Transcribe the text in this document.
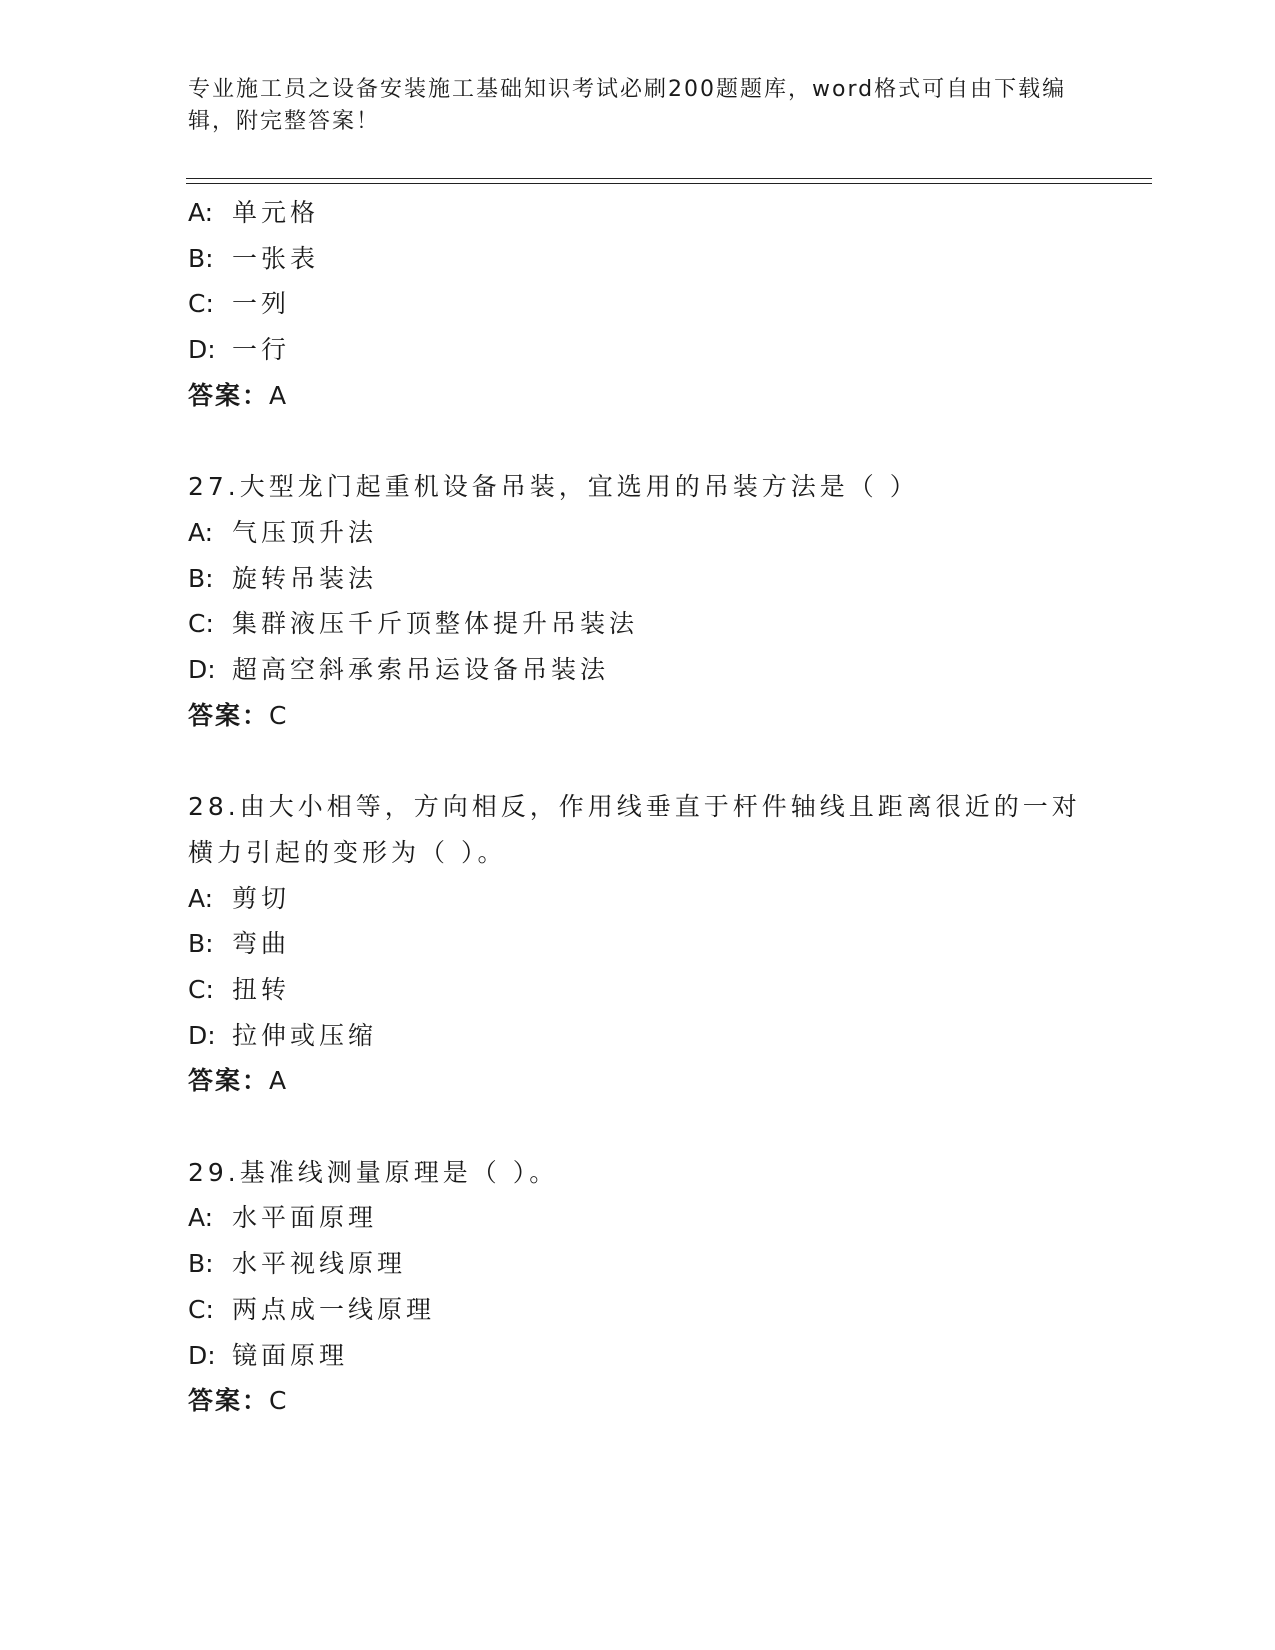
专业施工员之设备安装施工基础知识考试必刷200题题库，word格式可自由下载编辑，附完整答案！
A: 单元格
B: 一张表
C: 一列
D: 一行
答案：A
27.大型龙门起重机设备吊装，宜选用的吊装方法是（ ）
A: 气压顶升法
B: 旋转吊装法
C: 集群液压千斤顶整体提升吊装法
D: 超高空斜承索吊运设备吊装法
答案：C
28.由大小相等，方向相反，作用线垂直于杆件轴线且距离很近的一对横力引起的变形为（ ）。
A: 剪切
B: 弯曲
C: 扭转
D: 拉伸或压缩
答案：A
29.基准线测量原理是（ ）。
A: 水平面原理
B: 水平视线原理
C: 两点成一线原理
D: 镜面原理
答案：C
